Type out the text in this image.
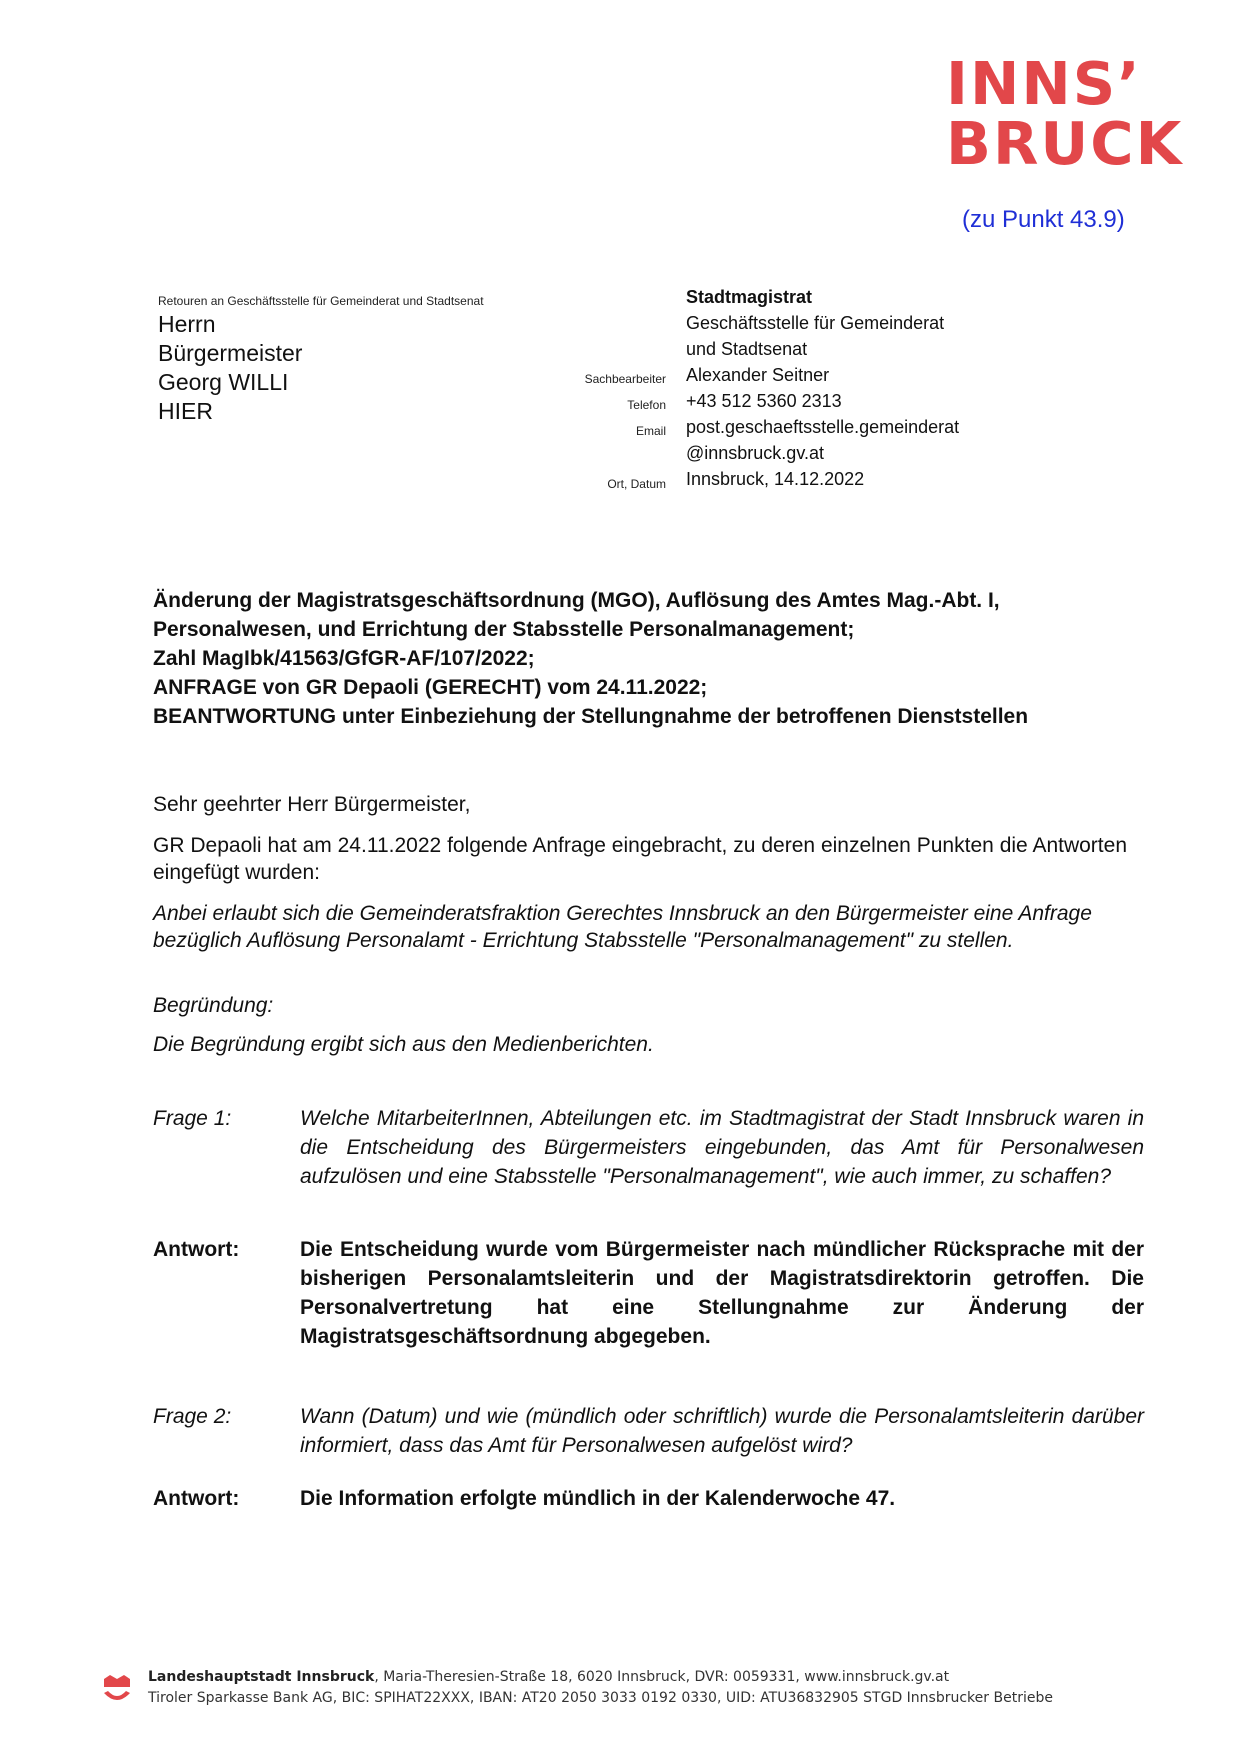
INNS’
BRUCK
(zu Punkt 43.9)
Retouren an Geschäftsstelle für Gemeinderat und Stadtsenat
Herrn
Bürgermeister
Georg WILLI
HIER
Stadtmagistrat
Geschäftsstelle für Gemeinderat
und Stadtsenat
Sachbearbeiter Alexander Seitner
Telefon +43 512 5360 2313
Email post.geschaeftsstelle.gemeinderat
@innsbruck.gv.at
Ort, Datum Innsbruck, 14.12.2022
Änderung der Magistratsgeschäftsordnung (MGO), Auflösung des Amtes Mag.-Abt. I,
Personalwesen, und Errichtung der Stabsstelle Personalmanagement;
Zahl MagIbk/41563/GfGR-AF/107/2022;
ANFRAGE von GR Depaoli (GERECHT) vom 24.11.2022;
BEANTWORTUNG unter Einbeziehung der Stellungnahme der betroffenen Dienststellen
Sehr geehrter Herr Bürgermeister,
GR Depaoli hat am 24.11.2022 folgende Anfrage eingebracht, zu deren einzelnen Punkten die Antworten eingefügt wurden:
Anbei erlaubt sich die Gemeinderatsfraktion Gerechtes Innsbruck an den Bürgermeister eine Anfrage bezüglich Auflösung Personalamt - Errichtung Stabsstelle "Personalmanagement" zu stellen.
Begründung:
Die Begründung ergibt sich aus den Medienberichten.
Frage 1:	Welche MitarbeiterInnen, Abteilungen etc. im Stadtmagistrat der Stadt Innsbruck waren in die Entscheidung des Bürgermeisters eingebunden, das Amt für Personalwesen aufzulösen und eine Stabsstelle "Personalmanagement", wie auch immer, zu schaffen?
Antwort:	Die Entscheidung wurde vom Bürgermeister nach mündlicher Rücksprache mit der bisherigen Personalamtsleiterin und der Magistratsdirektorin getroffen. Die Personalvertretung hat eine Stellungnahme zur Änderung der Magistratsgeschäftsordnung abgegeben.
Frage 2:	Wann (Datum) und wie (mündlich oder schriftlich) wurde die Personalamtsleiterin darüber informiert, dass das Amt für Personalwesen aufgelöst wird?
Antwort:	Die Information erfolgte mündlich in der Kalenderwoche 47.
Landeshauptstadt Innsbruck, Maria-Theresien-Straße 18, 6020 Innsbruck, DVR: 0059331, www.innsbruck.gv.at
Tiroler Sparkasse Bank AG, BIC: SPIHAT22XXX, IBAN: AT20 2050 3033 0192 0330, UID: ATU36832905 STGD Innsbrucker Betriebe
